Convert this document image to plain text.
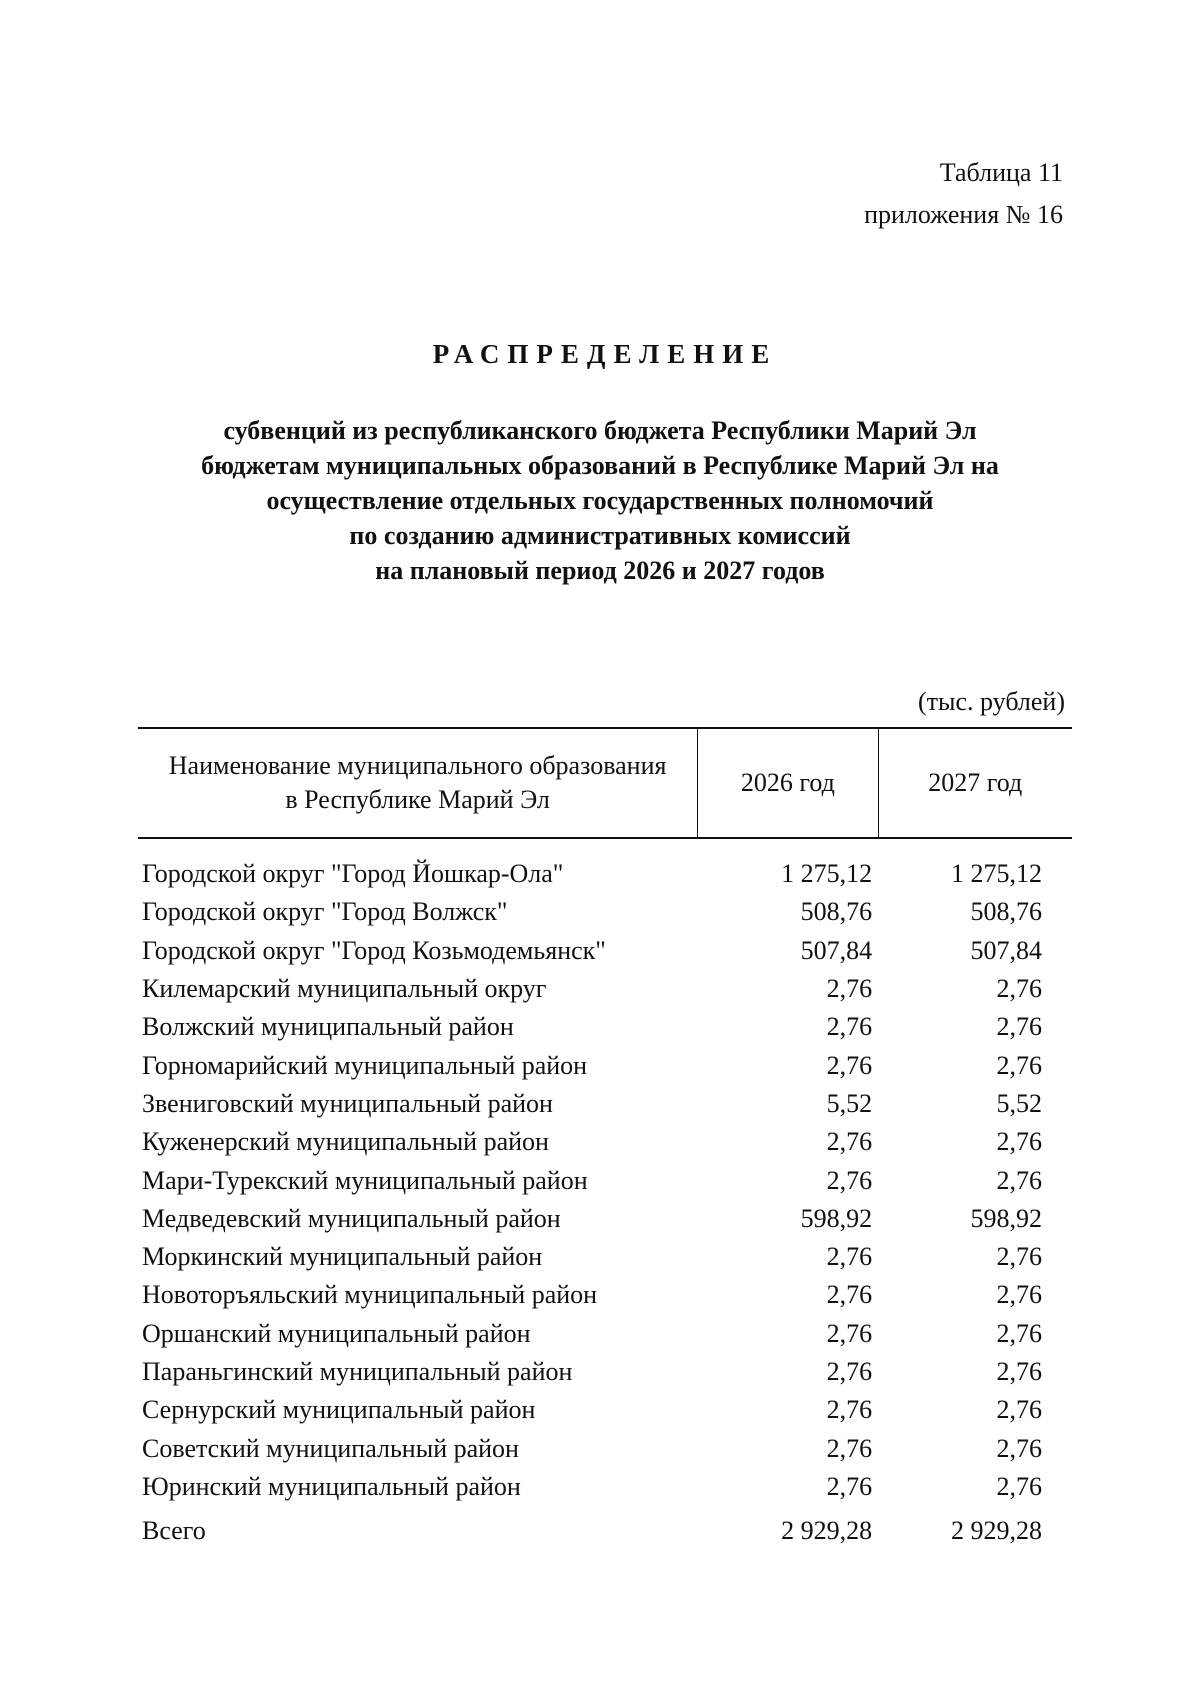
Таблица 11
приложения № 16
РАСПРЕДЕЛЕНИЕ
субвенций из республиканского бюджета Республики Марий Эл
бюджетам муниципальных образований в Республике Марий Эл на
осуществление отдельных государственных полномочий
по созданию административных комиссий
на плановый период 2026 и 2027 годов
(тыс. рублей)
Наименование муниципального образования
в Республике Марий Эл	2026 год	2027 год
Городской округ "Город Йошкар-Ола"	1 275,12	1 275,12
Городской округ "Город Волжск"	508,76	508,76
Городской округ "Город Козьмодемьянск"	507,84	507,84
Килемарский муниципальный округ	2,76	2,76
Волжский муниципальный район	2,76	2,76
Горномарийский муниципальный район	2,76	2,76
Звениговский муниципальный район	5,52	5,52
Куженерский муниципальный район	2,76	2,76
Мари-Турекский муниципальный район	2,76	2,76
Медведевский муниципальный район	598,92	598,92
Моркинский муниципальный район	2,76	2,76
Новоторъяльский муниципальный район	2,76	2,76
Оршанский муниципальный район	2,76	2,76
Параньгинский муниципальный район	2,76	2,76
Сернурский муниципальный район	2,76	2,76
Советский муниципальный район	2,76	2,76
Юринский муниципальный район	2,76	2,76
Всего	2 929,28	2 929,28
